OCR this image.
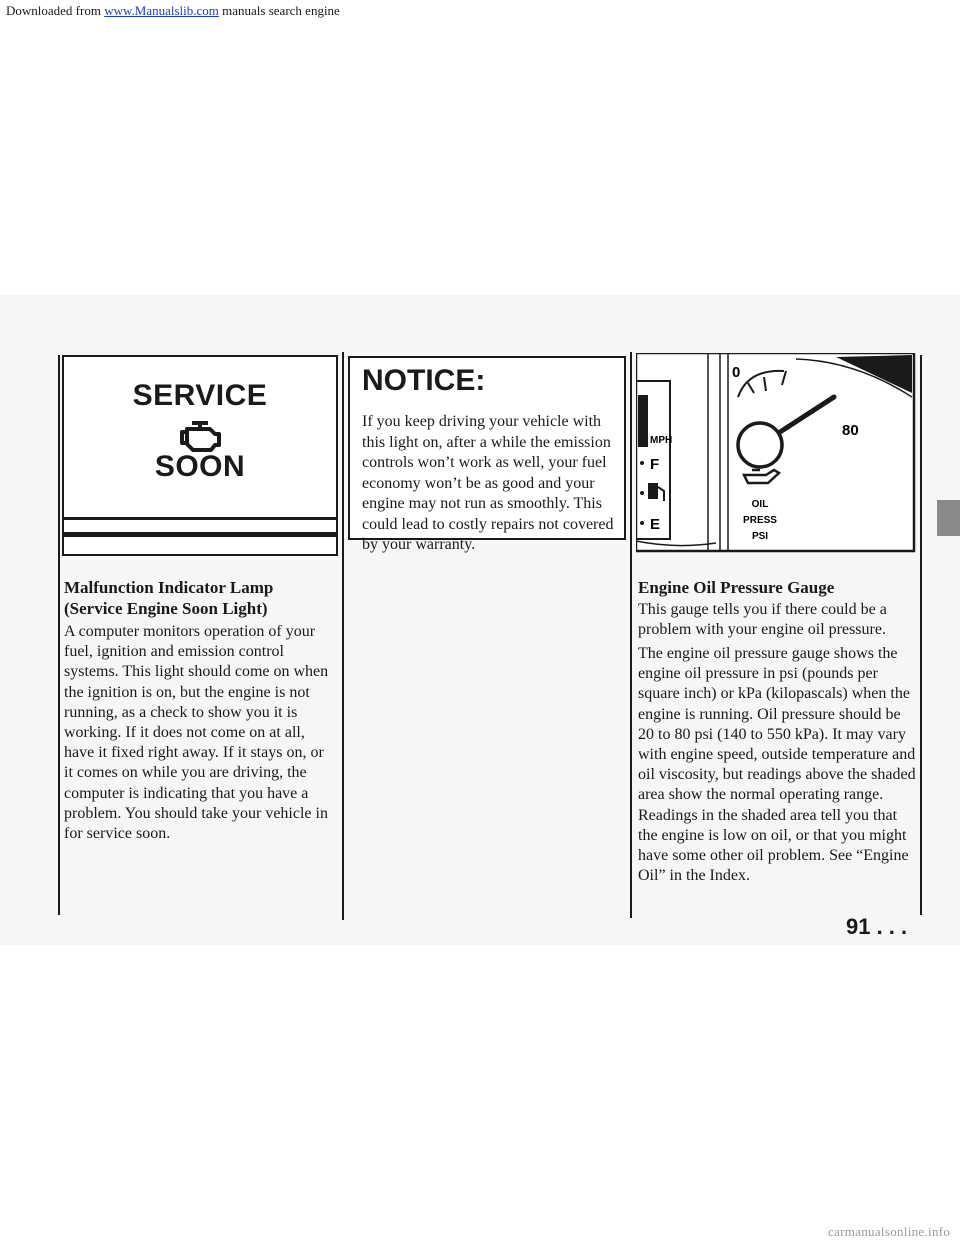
Downloaded from www.Manualslib.com manuals search engine
SERVICE
SOON
NOTICE:
If you keep driving your vehicle with this light on, after a while the emission controls won’t work as well, your fuel economy won’t be as good and your engine may not run as smoothly. This could lead to costly repairs not covered by your warranty.
MPH
F
E
0
80
OIL
PRESS
PSI
Malfunction Indicator Lamp
(Service Engine Soon Light)
A computer monitors operation of your fuel, ignition and emission control systems. This light should come on when the ignition is on, but the engine is not running, as a check to show you it is working. If it does not come on at all, have it fixed right away. If it stays on, or it comes on while you are driving, the computer is indicating that you have a problem. You should take your vehicle in for service soon.
Engine Oil Pressure Gauge
This gauge tells you if there could be a problem with your engine oil pressure.
The engine oil pressure gauge shows the engine oil pressure in psi (pounds per square inch) or kPa (kilopascals) when the engine is running. Oil pressure should be 20 to 80 psi (140 to 550 kPa). It may vary with engine speed, outside temperature and oil viscosity, but readings above the shaded area show the normal operating range. Readings in the shaded area tell you that the engine is low on oil, or that you might have some other oil problem. See “Engine Oil” in the Index.
91 . . .
carmanualsonline.info
